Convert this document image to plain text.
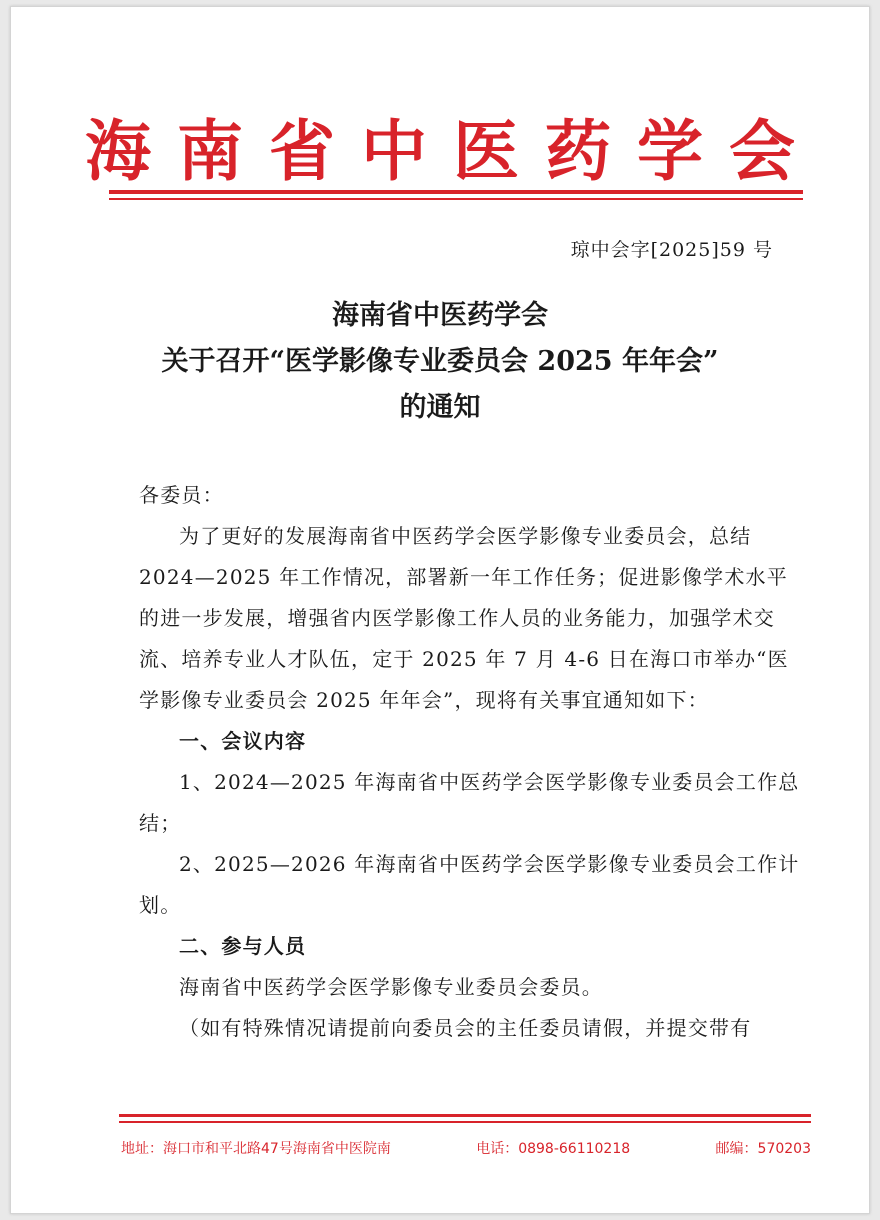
海南省中医药学会
琼中会字[2025]59 号
海南省中医药学会
关于召开“医学影像专业委员会 2025 年年会”
的通知

各委员：

为了更好的发展海南省中医药学会医学影像专业委员会，总结 2024—2025 年工作情况，部署新一年工作任务；促进影像学术水平的进一步发展，增强省内医学影像工作人员的业务能力，加强学术交流、培养专业人才队伍，定于 2025 年 7 月 4-6 日在海口市举办“医学影像专业委员会 2025 年年会”，现将有关事宜通知如下：

一、会议内容

1、2024—2025 年海南省中医药学会医学影像专业委员会工作总结；

2、2025—2026 年海南省中医药学会医学影像专业委员会工作计划。

二、参与人员

海南省中医药学会医学影像专业委员会委员。

（如有特殊情况请提前向委员会的主任委员请假，并提交带有

地址：海口市和平北路47号海南省中医院南	电话：0898-66110218	邮编：570203
